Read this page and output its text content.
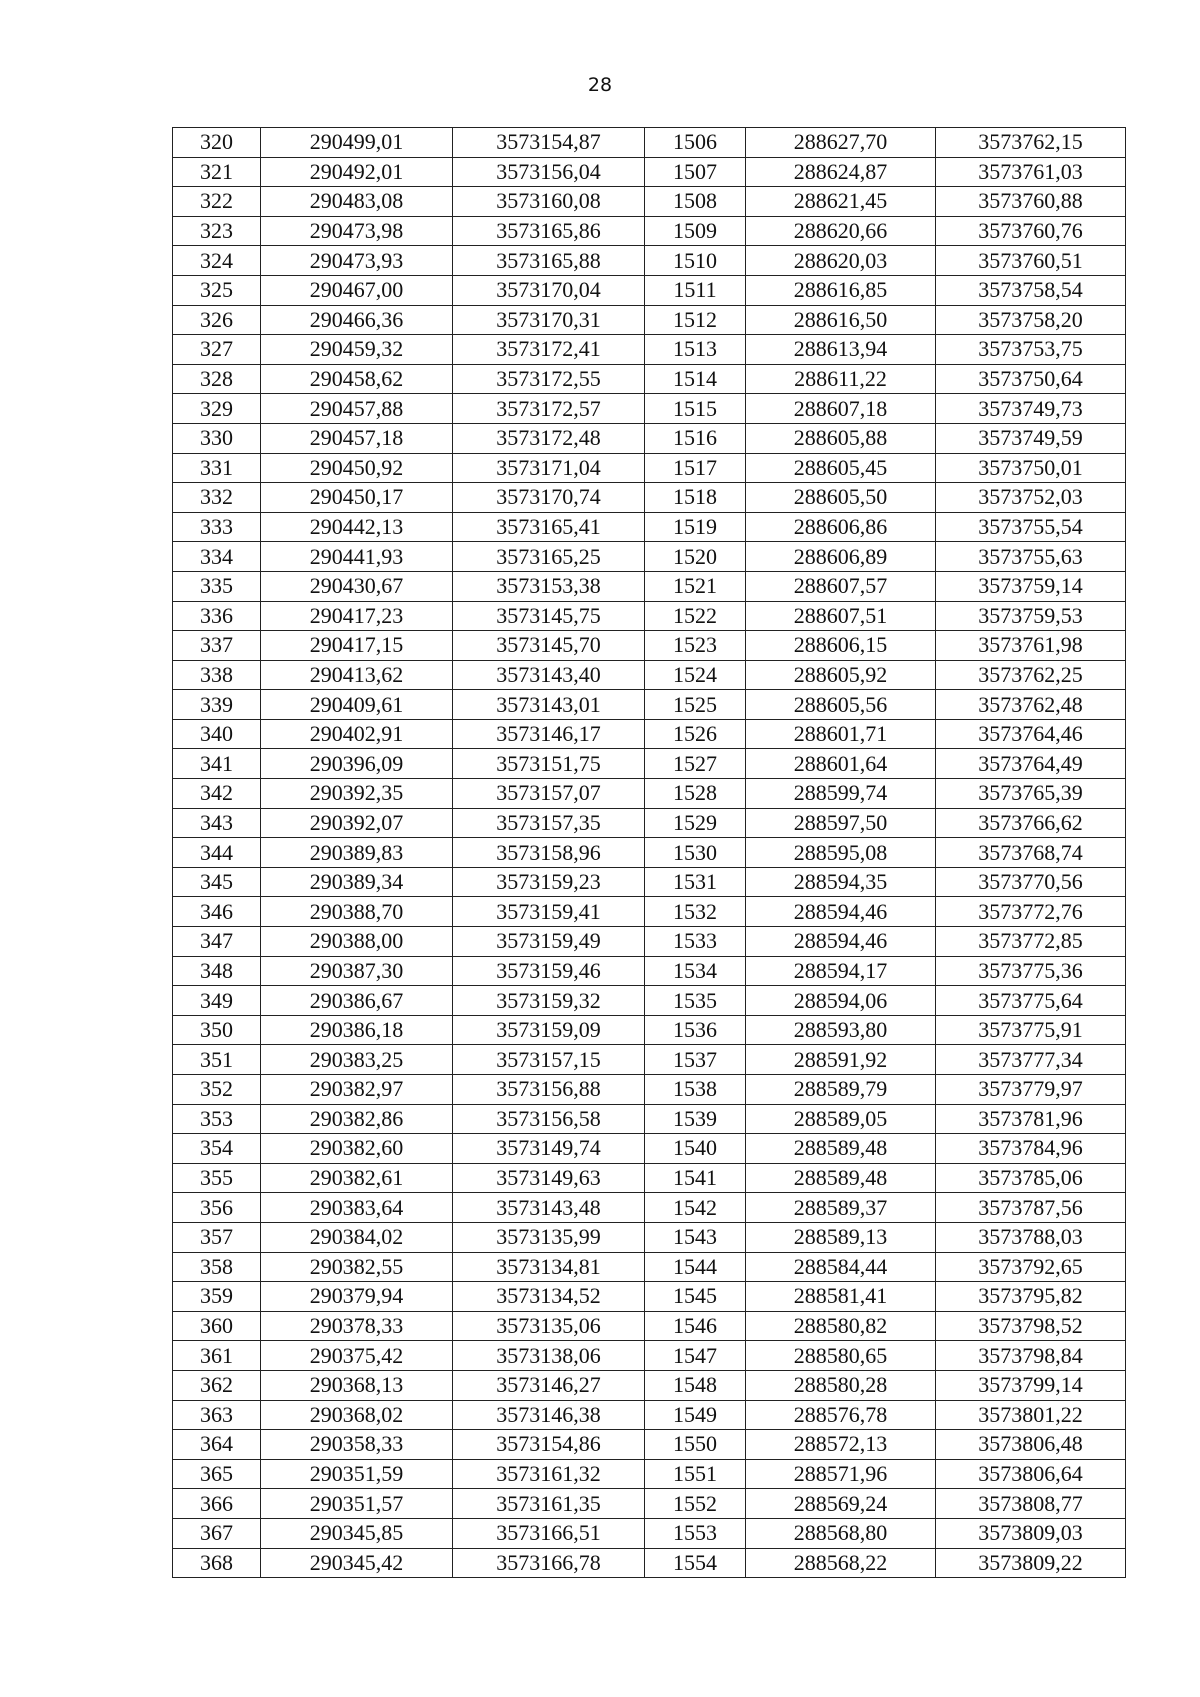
28
320	290499,01	3573154,87	1506	288627,70	3573762,15
321	290492,01	3573156,04	1507	288624,87	3573761,03
322	290483,08	3573160,08	1508	288621,45	3573760,88
323	290473,98	3573165,86	1509	288620,66	3573760,76
324	290473,93	3573165,88	1510	288620,03	3573760,51
325	290467,00	3573170,04	1511	288616,85	3573758,54
326	290466,36	3573170,31	1512	288616,50	3573758,20
327	290459,32	3573172,41	1513	288613,94	3573753,75
328	290458,62	3573172,55	1514	288611,22	3573750,64
329	290457,88	3573172,57	1515	288607,18	3573749,73
330	290457,18	3573172,48	1516	288605,88	3573749,59
331	290450,92	3573171,04	1517	288605,45	3573750,01
332	290450,17	3573170,74	1518	288605,50	3573752,03
333	290442,13	3573165,41	1519	288606,86	3573755,54
334	290441,93	3573165,25	1520	288606,89	3573755,63
335	290430,67	3573153,38	1521	288607,57	3573759,14
336	290417,23	3573145,75	1522	288607,51	3573759,53
337	290417,15	3573145,70	1523	288606,15	3573761,98
338	290413,62	3573143,40	1524	288605,92	3573762,25
339	290409,61	3573143,01	1525	288605,56	3573762,48
340	290402,91	3573146,17	1526	288601,71	3573764,46
341	290396,09	3573151,75	1527	288601,64	3573764,49
342	290392,35	3573157,07	1528	288599,74	3573765,39
343	290392,07	3573157,35	1529	288597,50	3573766,62
344	290389,83	3573158,96	1530	288595,08	3573768,74
345	290389,34	3573159,23	1531	288594,35	3573770,56
346	290388,70	3573159,41	1532	288594,46	3573772,76
347	290388,00	3573159,49	1533	288594,46	3573772,85
348	290387,30	3573159,46	1534	288594,17	3573775,36
349	290386,67	3573159,32	1535	288594,06	3573775,64
350	290386,18	3573159,09	1536	288593,80	3573775,91
351	290383,25	3573157,15	1537	288591,92	3573777,34
352	290382,97	3573156,88	1538	288589,79	3573779,97
353	290382,86	3573156,58	1539	288589,05	3573781,96
354	290382,60	3573149,74	1540	288589,48	3573784,96
355	290382,61	3573149,63	1541	288589,48	3573785,06
356	290383,64	3573143,48	1542	288589,37	3573787,56
357	290384,02	3573135,99	1543	288589,13	3573788,03
358	290382,55	3573134,81	1544	288584,44	3573792,65
359	290379,94	3573134,52	1545	288581,41	3573795,82
360	290378,33	3573135,06	1546	288580,82	3573798,52
361	290375,42	3573138,06	1547	288580,65	3573798,84
362	290368,13	3573146,27	1548	288580,28	3573799,14
363	290368,02	3573146,38	1549	288576,78	3573801,22
364	290358,33	3573154,86	1550	288572,13	3573806,48
365	290351,59	3573161,32	1551	288571,96	3573806,64
366	290351,57	3573161,35	1552	288569,24	3573808,77
367	290345,85	3573166,51	1553	288568,80	3573809,03
368	290345,42	3573166,78	1554	288568,22	3573809,22
